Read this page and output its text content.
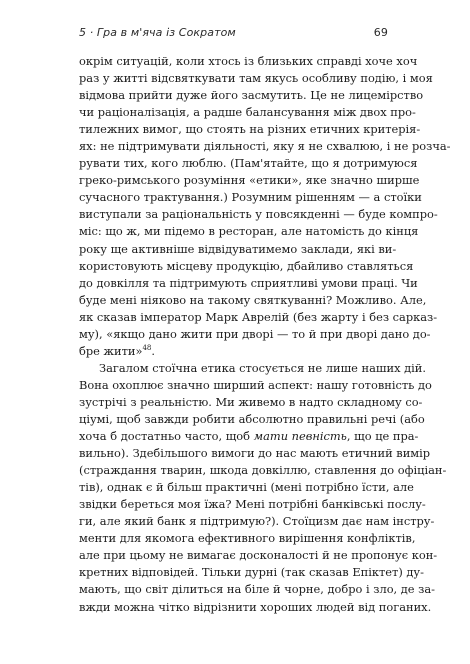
5 · Гра в м'яча із Сократом	69
окрім ситуацій, коли хтось із близьких справді хоче хоч
раз у житті відсвяткувати там якусь особливу подію, і моя
відмова прийти дуже його засмутить. Це не лицемірство
чи раціоналізація, а радше балансування між двох про-
тилежних вимог, що стоять на різних етичних критерія-
ях: не підтримувати діяльності, яку я не схвалюю, і не розча-
рувати тих, кого люблю. (Пам'ятайте, що я дотримуюся
греко-римського розуміння «етики», яке значно ширше
сучасного трактування.) Розумним рішенням — а стоїки
виступали за раціональність у повсякденні — буде компро-
міс: що ж, ми підемо в ресторан, але натомість до кінця
року ще активніше відвідуватимемо заклади, які ви-
користовують місцеву продукцію, дбайливо ставляться
до довкілля та підтримують сприятливі умови праці. Чи
буде мені ніяково на такому святкуванні? Можливо. Але,
як сказав імператор Марк Аврелій (без жарту і без сарказ-
му), «якщо дано жити при дворі — то й при дворі дано до-
бре жити»$^{48}$.
Загалом стоїчна етика стосується не лише наших дій.
Вона охоплює значно ширший аспект: нашу готовність до
зустрічі з реальністю. Ми живемо в надто складному со-
ціумі, щоб завжди робити абсолютно правильні речі (або
хоча б достатньо часто, щоб мати певність, що це пра-
вильно). Здебільшого вимоги до нас мають етичний вимір
(страждання тварин, шкода довкіллю, ставлення до офіціан-
тів), однак є й більш практичні (мені потрібно їсти, але
звідки береться моя їжа? Мені потрібні банківські послу-
ги, але який банк я підтримую?). Стоїцизм дає нам інстру-
менти для якомога ефективного вирішення конфліктів,
але при цьому не вимагає досконалості й не пропонує кон-
кретних відповідей. Тільки дурні (так сказав Епіктет) ду-
мають, що світ ділиться на біле й чорне, добро і зло, де за-
вжди можна чітко відрізнити хороших людей від поганих.
